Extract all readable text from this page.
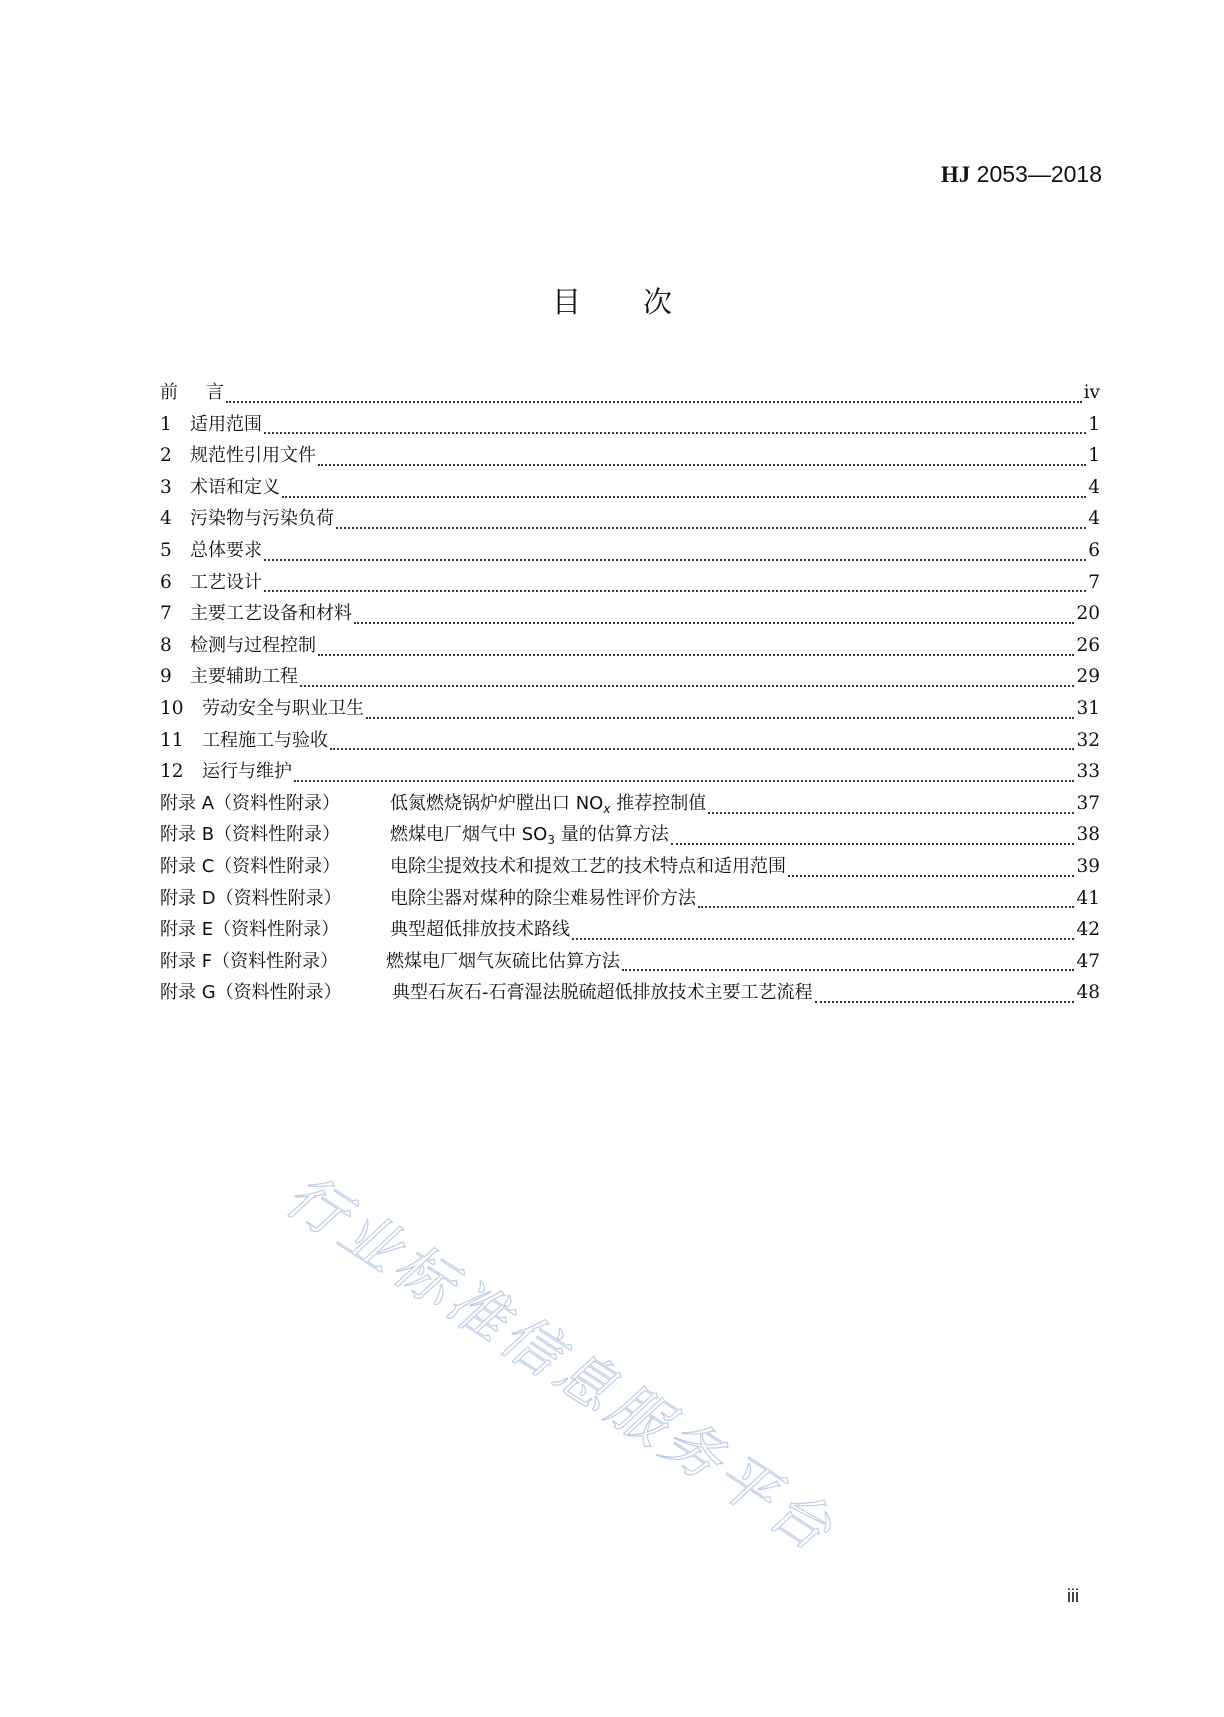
HJ 2053—2018
目 次
前	言	iv
1	适用范围	1
2	规范性引用文件	1
3	术语和定义	4
4	污染物与污染负荷	4
5	总体要求	6
6	工艺设计	7
7	主要工艺设备和材料	20
8	检测与过程控制	26
9	主要辅助工程	29
10	劳动安全与职业卫生	31
11	工程施工与验收	32
12	运行与维护	33
附录 A（资料性附录）	低氮燃烧锅炉炉膛出口 $NO_x$ 推荐控制值	37
附录 B（资料性附录）	燃煤电厂烟气中 $SO_3$ 量的估算方法	38
附录 C（资料性附录）	电除尘提效技术和提效工艺的技术特点和适用范围	39
附录 D（资料性附录）	电除尘器对煤种的除尘难易性评价方法	41
附录 E（资料性附录）	典型超低排放技术路线	42
附录 F（资料性附录）	燃煤电厂烟气灰硫比估算方法	47
附录 G（资料性附录）	典型石灰石-石膏湿法脱硫超低排放技术主要工艺流程	48
行业标准信息服务平台
iii
